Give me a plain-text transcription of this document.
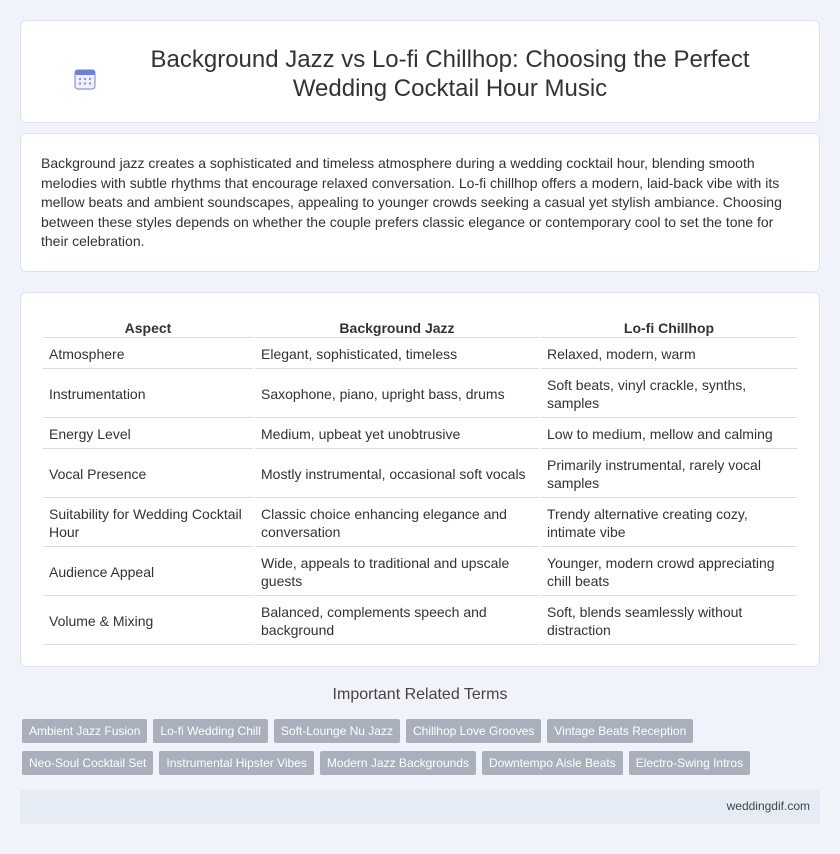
Background Jazz vs Lo-fi Chillhop: Choosing the Perfect Wedding Cocktail Hour Music

Background jazz creates a sophisticated and timeless atmosphere during a wedding cocktail hour, blending smooth melodies with subtle rhythms that encourage relaxed conversation. Lo-fi chillhop offers a modern, laid-back vibe with its mellow beats and ambient soundscapes, appealing to younger crowds seeking a casual yet stylish ambiance. Choosing between these styles depends on whether the couple prefers classic elegance or contemporary cool to set the tone for their celebration.

Aspect	Background Jazz	Lo-fi Chillhop
Atmosphere	Elegant, sophisticated, timeless	Relaxed, modern, warm
Instrumentation	Saxophone, piano, upright bass, drums	Soft beats, vinyl crackle, synths, samples
Energy Level	Medium, upbeat yet unobtrusive	Low to medium, mellow and calming
Vocal Presence	Mostly instrumental, occasional soft vocals	Primarily instrumental, rarely vocal samples
Suitability for Wedding Cocktail Hour	Classic choice enhancing elegance and conversation	Trendy alternative creating cozy, intimate vibe
Audience Appeal	Wide, appeals to traditional and upscale guests	Younger, modern crowd appreciating chill beats
Volume & Mixing	Balanced, complements speech and background	Soft, blends seamlessly without distraction
Important Related Terms
Ambient Jazz Fusion	Lo-fi Wedding Chill	Soft-Lounge Nu Jazz	Chillhop Love Grooves	Vintage Beats Reception
Neo-Soul Cocktail Set	Instrumental Hipster Vibes	Modern Jazz Backgrounds	Downtempo Aisle Beats	Electro-Swing Intros
weddingdif.com
